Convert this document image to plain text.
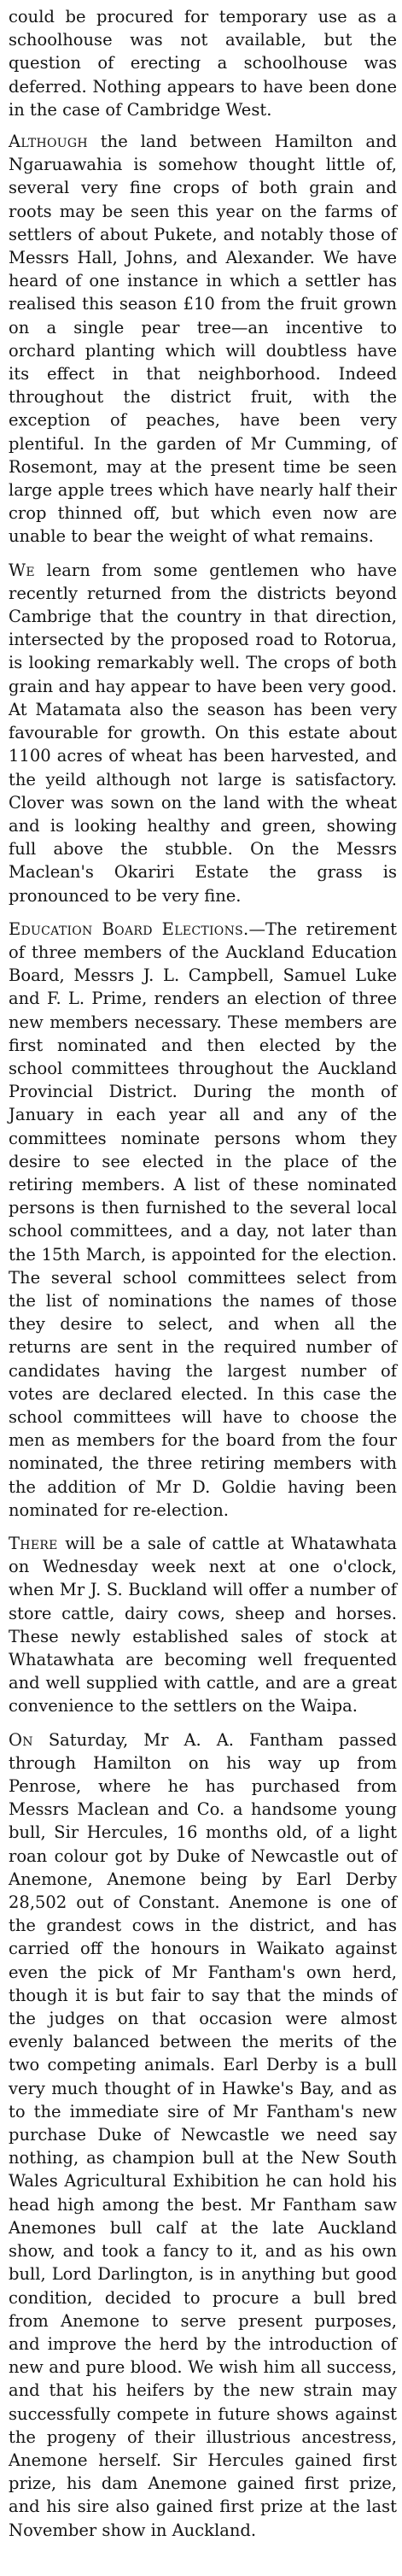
could be procured for temporary use as a schoolhouse was not available, but the question of erecting a schoolhouse was deferred. Nothing appears to have been done in the case of Cambridge West.

Although the land between Hamilton and Ngaruawahia is somehow thought little of, several very fine crops of both grain and roots may be seen this year on the farms of settlers of about Pukete, and notably those of Messrs Hall, Johns, and Alexander. We have heard of one instance in which a settler has realised this season £10 from the fruit grown on a single pear tree—an incentive to orchard planting which will doubtless have its effect in that neighborhood. Indeed throughout the district fruit, with the exception of peaches, have been very plentiful. In the garden of Mr Cumming, of Rosemont, may at the present time be seen large apple trees which have nearly half their crop thinned off, but which even now are unable to bear the weight of what remains.

We learn from some gentlemen who have recently returned from the districts beyond Cambrige that the country in that direction, intersected by the proposed road to Rotorua, is looking remarkably well. The crops of both grain and hay appear to have been very good. At Matamata also the season has been very favourable for growth. On this estate about 1100 acres of wheat has been harvested, and the yeild although not large is satisfactory. Clover was sown on the land with the wheat and is looking healthy and green, showing full above the stubble. On the Messrs Maclean's Okariri Estate the grass is pronounced to be very fine.

Education Board Elections.—The retirement of three members of the Auckland Education Board, Messrs J. L. Campbell, Samuel Luke and F. L. Prime, renders an election of three new members necessary. These members are first nominated and then elected by the school committees throughout the Auckland Provincial District. During the month of January in each year all and any of the committees nominate persons whom they desire to see elected in the place of the retiring members. A list of these nominated persons is then furnished to the several local school committees, and a day, not later than the 15th March, is appointed for the election. The several school committees select from the list of nominations the names of those they desire to select, and when all the returns are sent in the required number of candidates having the largest number of votes are declared elected. In this case the school committees will have to choose the men as members for the board from the four nominated, the three retiring members with the addition of Mr D. Goldie having been nominated for re-election.

There will be a sale of cattle at Whatawhata on Wednesday week next at one o'clock, when Mr J. S. Buckland will offer a number of store cattle, dairy cows, sheep and horses. These newly established sales of stock at Whatawhata are becoming well frequented and well supplied with cattle, and are a great convenience to the settlers on the Waipa.

On Saturday, Mr A. A. Fantham passed through Hamilton on his way up from Penrose, where he has purchased from Messrs Maclean and Co. a handsome young bull, Sir Hercules, 16 months old, of a light roan colour got by Duke of Newcastle out of Anemone, Anemone being by Earl Derby 28,502 out of Constant. Anemone is one of the grandest cows in the district, and has carried off the honours in Waikato against even the pick of Mr Fantham's own herd, though it is but fair to say that the minds of the judges on that occasion were almost evenly balanced between the merits of the two competing animals. Earl Derby is a bull very much thought of in Hawke's Bay, and as to the immediate sire of Mr Fantham's new purchase Duke of Newcastle we need say nothing, as champion bull at the New South Wales Agricultural Exhibition he can hold his head high among the best. Mr Fantham saw Anemones bull calf at the late Auckland show, and took a fancy to it, and as his own bull, Lord Darlington, is in anything but good condition, decided to procure a bull bred from Anemone to serve present purposes, and improve the herd by the introduction of new and pure blood. We wish him all success, and that his heifers by the new strain may successfully compete in future shows against the progeny of their illustrious ancestress, Anemone herself. Sir Hercules gained first prize, his dam Anemone gained first prize, and his sire also gained first prize at the last November show in Auckland.
